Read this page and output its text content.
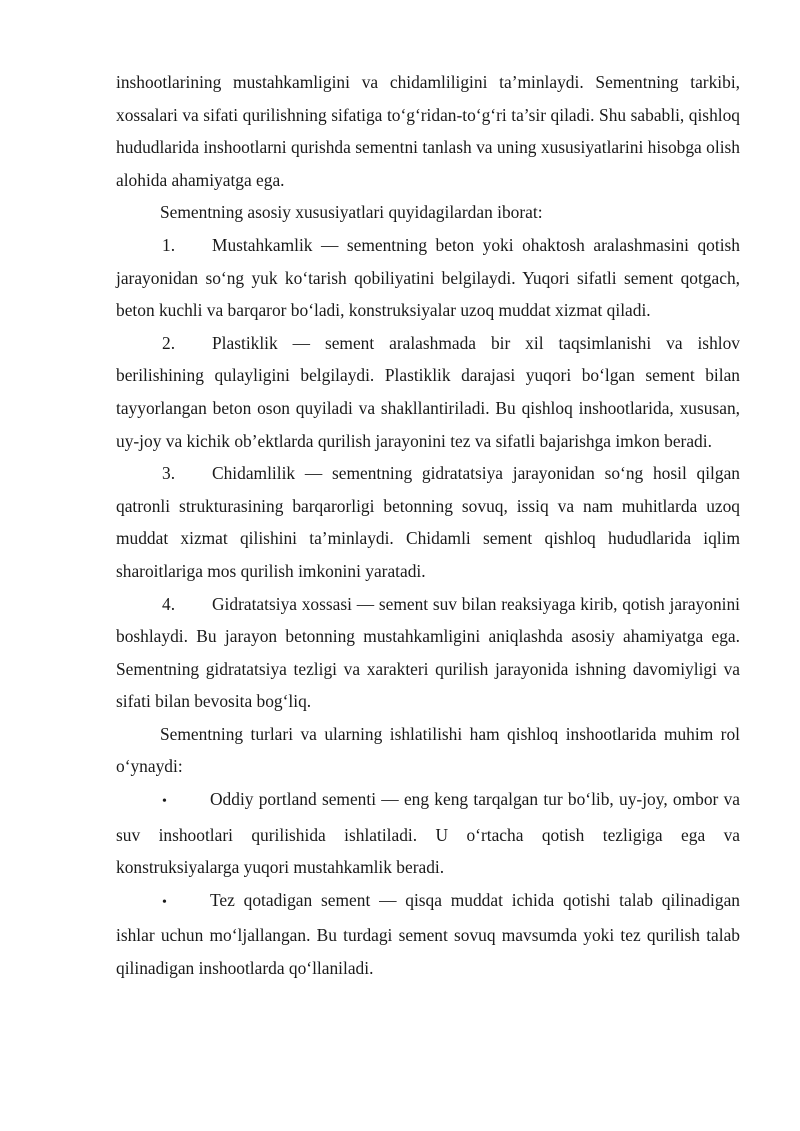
inshootlarining mustahkamligini va chidamliligini ta’minlaydi. Sementning tarkibi, xossalari va sifati qurilishning sifatiga to‘g‘ridan-to‘g‘ri ta’sir qiladi. Shu sababli, qishloq hududlarida inshootlarni qurishda sementni tanlash va uning xususiyatlarini hisobga olish alohida ahamiyatga ega.

Sementning asosiy xususiyatlari quyidagilardan iborat:

1. Mustahkamlik — sementning beton yoki ohaktosh aralashmasini qotish jarayonidan so‘ng yuk ko‘tarish qobiliyatini belgilaydi. Yuqori sifatli sement qotgach, beton kuchli va barqaror bo‘ladi, konstruksiyalar uzoq muddat xizmat qiladi.

2. Plastiklik — sement aralashmada bir xil taqsimlanishi va ishlov berilishining qulayligini belgilaydi. Plastiklik darajasi yuqori bo‘lgan sement bilan tayyorlangan beton oson quyiladi va shakllantiriladi. Bu qishloq inshootlarida, xususan, uy-joy va kichik ob’ektlarda qurilish jarayonini tez va sifatli bajarishga imkon beradi.

3. Chidamlilik — sementning gidratatsiya jarayonidan so‘ng hosil qilgan qatronli strukturasining barqarorligi betonning sovuq, issiq va nam muhitlarda uzoq muddat xizmat qilishini ta’minlaydi. Chidamli sement qishloq hududlarida iqlim sharoitlariga mos qurilish imkonini yaratadi.

4. Gidratatsiya xossasi — sement suv bilan reaksiyaga kirib, qotish jarayonini boshlaydi. Bu jarayon betonning mustahkamligini aniqlashda asosiy ahamiyatga ega. Sementning gidratatsiya tezligi va xarakteri qurilish jarayonida ishning davomiyligi va sifati bilan bevosita bog‘liq.

Sementning turlari va ularning ishlatilishi ham qishloq inshootlarida muhim rol o‘ynaydi:

•Oddiy portland sementi — eng keng tarqalgan tur bo‘lib, uy-joy, ombor va suv inshootlari qurilishida ishlatiladi. U o‘rtacha qotish tezligiga ega va konstruksiyalarga yuqori mustahkamlik beradi.

•Tez qotadigan sement — qisqa muddat ichida qotishi talab qilinadigan ishlar uchun mo‘ljallangan. Bu turdagi sement sovuq mavsumda yoki tez qurilish talab qilinadigan inshootlarda qo‘llaniladi.
